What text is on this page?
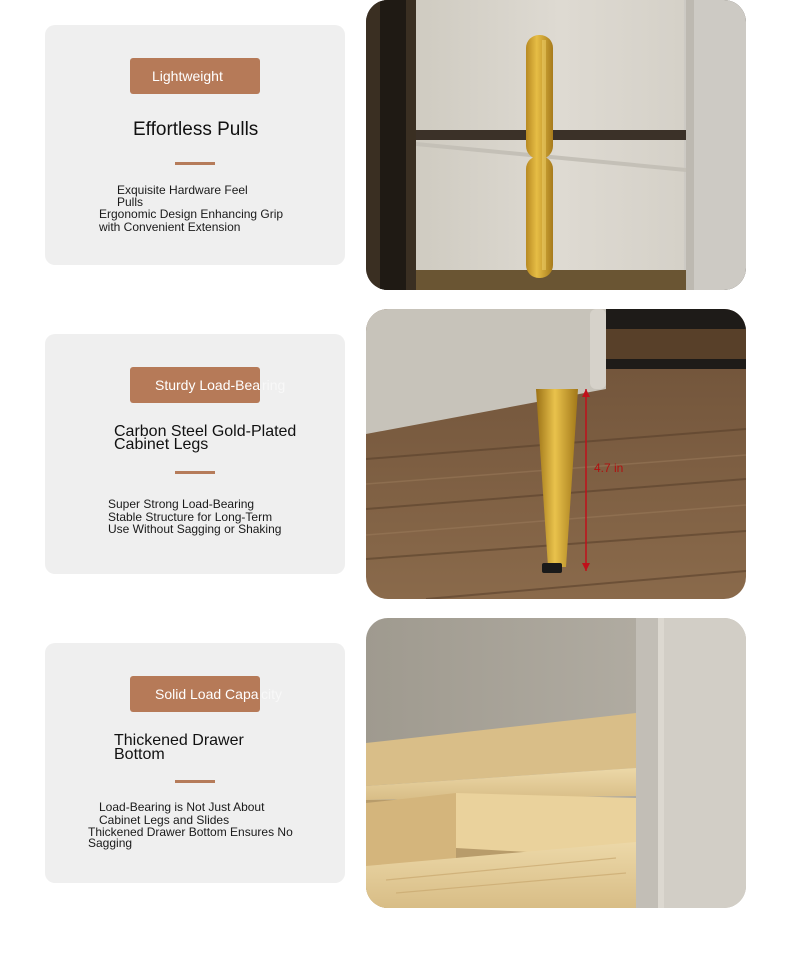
Lightweight
Effortless Pulls
Exquisite Hardware Feel
Pulls
Ergonomic Design Enhancing Grip
with Convenient Extension
Sturdy Load-Bea ring
Carbon Steel Gold-Plated
Cabinet Legs
Super Strong Load-Bearing
Stable Structure for Long-Term
Use Without Sagging or Shaking
4.7 in
Solid Load Capa city
Thickened Drawer
Bottom
Load-Bearing is Not Just About
Cabinet Legs and Slides
Thickened Drawer Bottom Ensures No
Sagging
